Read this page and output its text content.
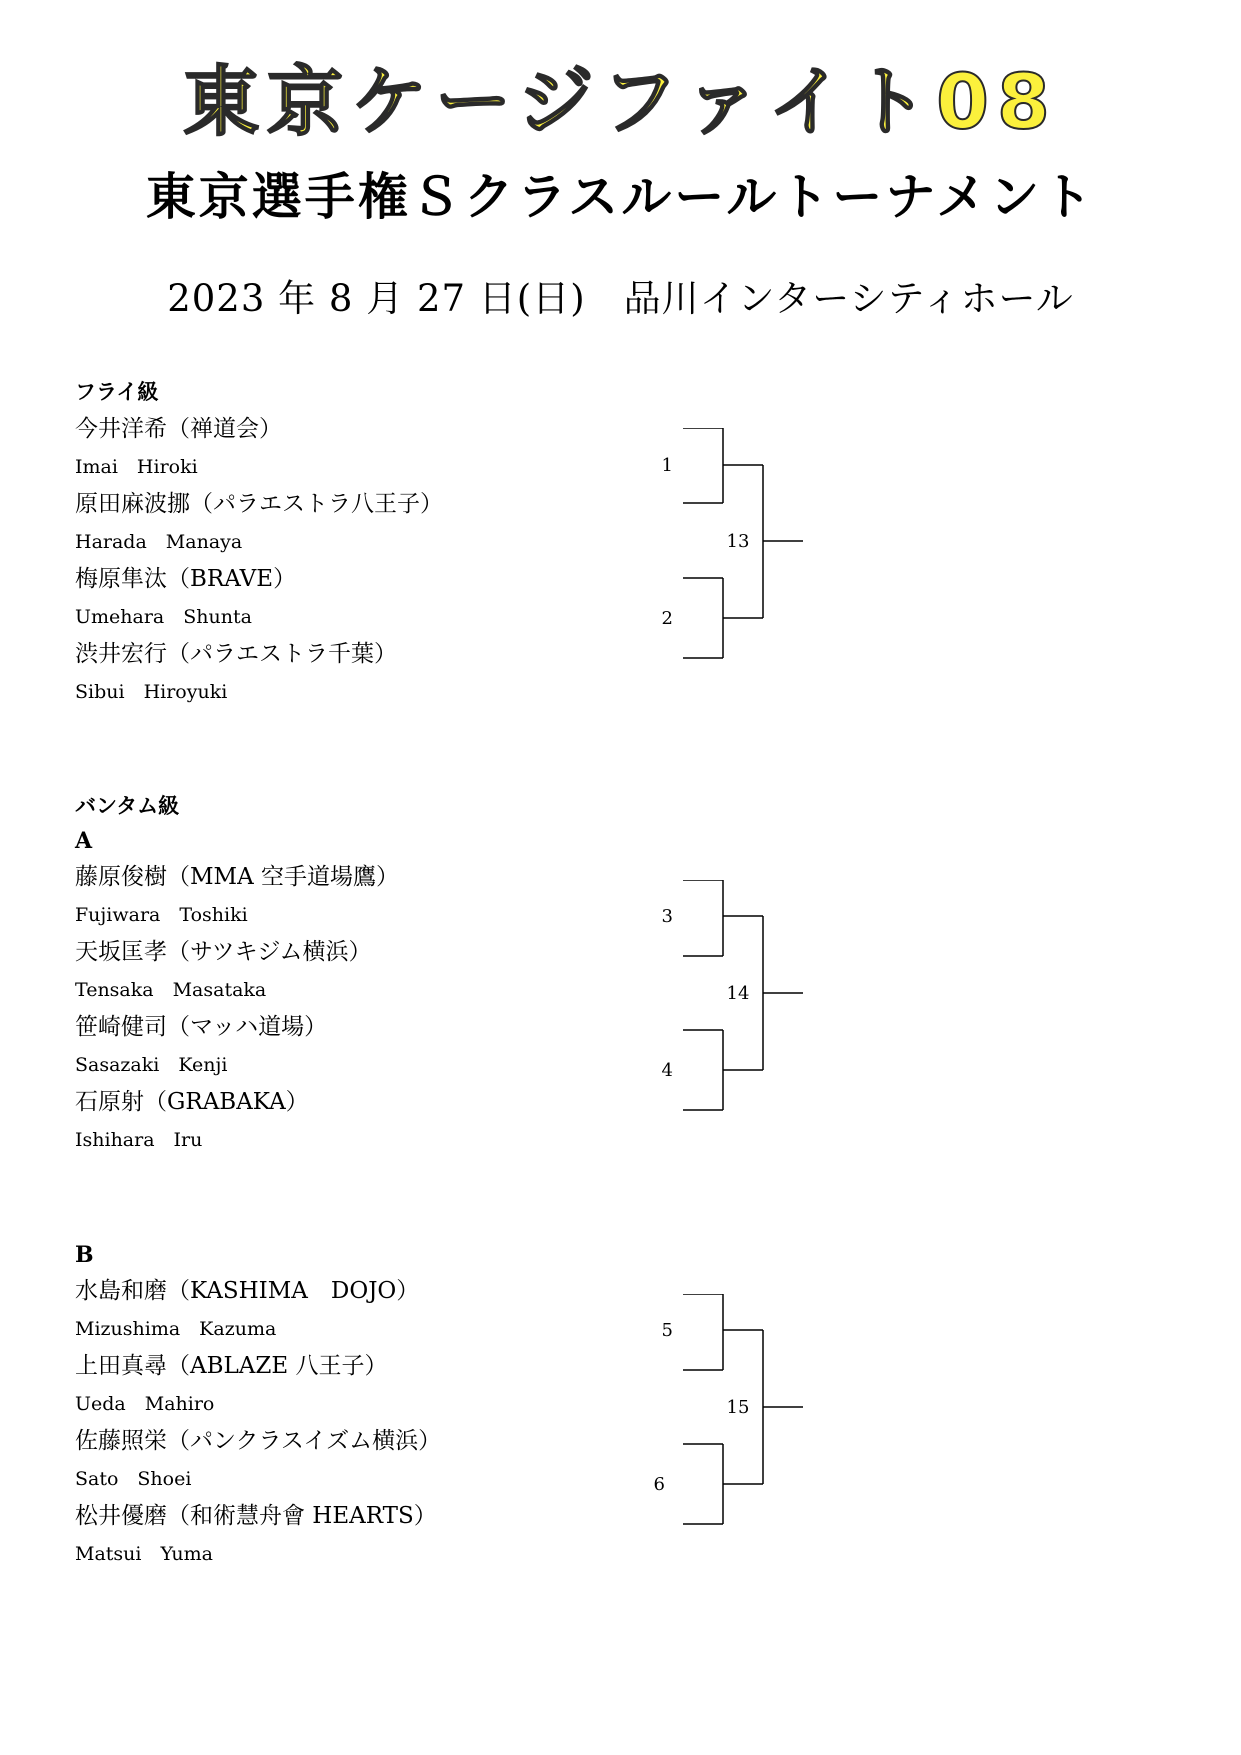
東京ケージファイト08
東京選手権Ｓクラスルールトーナメント
2023 年 8 月 27 日(日)　品川インターシティホール
フライ級
今井洋希（禅道会）
Imai　Hiroki
原田麻波挪（パラエストラ八王子）
Harada　Manaya
梅原隼汰（BRAVE）
Umehara　Shunta
渋井宏行（パラエストラ千葉）
Sibui　Hiroyuki
1
2
13
バンタム級
A
藤原俊樹（MMA 空手道場鷹）
Fujiwara　Toshiki
天坂匡孝（サツキジム横浜）
Tensaka　Masataka
笹崎健司（マッハ道場）
Sasazaki　Kenji
石原射（GRABAKA）
Ishihara　Iru
3
4
14
B
水島和磨（KASHIMA　DOJO）
Mizushima　Kazuma
上田真尋（ABLAZE 八王子）
Ueda　Mahiro
佐藤照栄（パンクラスイズム横浜）
Sato　Shoei
松井優磨（和術慧舟會 HEARTS）
Matsui　Yuma
5
6
15
